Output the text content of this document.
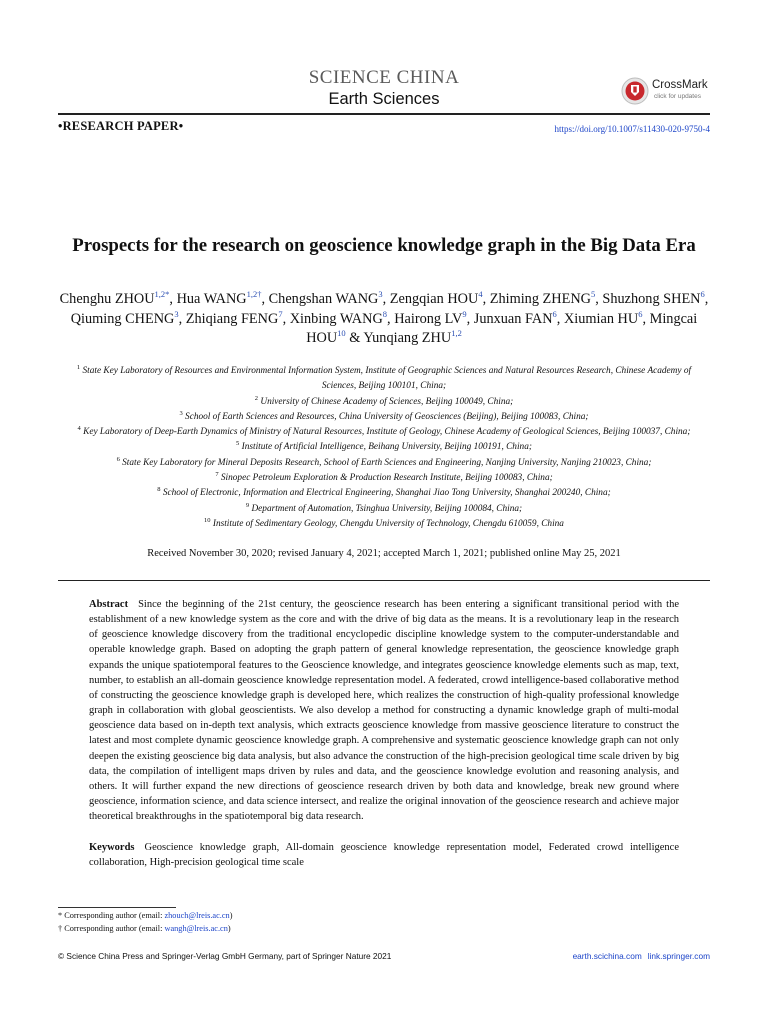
SCIENCE CHINA
Earth Sciences
CrossMark
click for updates
•RESEARCH PAPER•	https://doi.org/10.1007/s11430-020-9750-4
Prospects for the research on geoscience knowledge graph in the Big Data Era
Chenghu $ZHOU^{1,2*}$, Hua $WANG^{1,2\dagger}$, Chengshan WANG$^3$, Zengqian HOU$^4$, Zhiming ZHENG$^5$, Shuzhong SHEN$^6$, Qiuming CHENG$^3$, Zhiqiang FENG$^7$, Xinbing WANG$^8$, Hairong $LV^9$, Junxuan FAN$^6$, Xiumian $HU^6$, Mingcai HOU$^{10}$ & Yunqiang ZHU$^{1,2}$
$^1$ State Key Laboratory of Resources and Environmental Information System, Institute of Geographic Sciences and Natural Resources Research, Chinese Academy of Sciences, Beijing 100101, China;
$^2$ University of Chinese Academy of Sciences, Beijing 100049, China;
$^3$ School of Earth Sciences and Resources, China University of Geosciences (Beijing), Beijing 100083, China;
$^4$ Key Laboratory of Deep-Earth Dynamics of Ministry of Natural Resources, Institute of Geology, Chinese Academy of Geological Sciences, Beijing 100037, China;
$^5$ Institute of Artificial Intelligence, Beihang University, Beijing 100191, China;
$^6$ State Key Laboratory for Mineral Deposits Research, School of Earth Sciences and Engineering, Nanjing University, Nanjing 210023, China;
$^7$ Sinopec Petroleum Exploration & Production Research Institute, Beijing 100083, China;
$^8$ School of Electronic, Information and Electrical Engineering, Shanghai Jiao Tong University, Shanghai 200240, China;
$^9$ Department of Automation, Tsinghua University, Beijing 100084, China;
$^{10}$ Institute of Sedimentary Geology, Chengdu University of Technology, Chengdu 610059, China
Received November 30, 2020; revised January 4, 2021; accepted March 1, 2021; published online May 25, 2021

Abstract Since the beginning of the 21st century, the geoscience research has been entering a significant transitional period with the establishment of a new knowledge system as the core and with the drive of big data as the means. It is a revolutionary leap in the research of geoscience knowledge discovery from the traditional encyclopedic discipline knowledge system to the computer-understandable and operable knowledge graph. Based on adopting the graph pattern of general knowledge representation, the geoscience knowledge graph expands the unique spatiotemporal features to the Geoscience knowledge, and integrates geoscience knowledge elements such as map, text, number, to establish an all-domain geoscience knowledge representation model. A federated, crowd intelligence-based collaborative method of constructing the geoscience knowledge graph is developed here, which realizes the construction of high-quality professional knowledge graph in collaboration with global geoscientists. We also develop a method for constructing a dynamic knowledge graph of multi-modal geoscience data based on in-depth text analysis, which extracts geoscience knowledge from massive geoscience literature to construct the latest and most complete dynamic geoscience knowledge graph. A comprehensive and systematic geoscience knowledge graph can not only deepen the existing geoscience big data analysis, but also advance the construction of the high-precision geological time scale driven by big data, the compilation of intelligent maps driven by rules and data, and the geoscience knowledge evolution and reasoning analysis, and others. It will further expand the new directions of geoscience research driven by both data and knowledge, break new ground where geoscience, information science, and data science intersect, and realize the original innovation of the geoscience research and achieve major theoretical breakthroughs in the spatiotemporal big data research.

Keywords Geoscience knowledge graph, All-domain geoscience knowledge representation model, Federated crowd intelligence collaboration, High-precision geological time scale

* Corresponding author (email: zhouch@lreis.ac.cn)
† Corresponding author (email: wangh@lreis.ac.cn)
© Science China Press and Springer-Verlag GmbH Germany, part of Springer Nature 2021	earth.scichina.com link.springer.com
